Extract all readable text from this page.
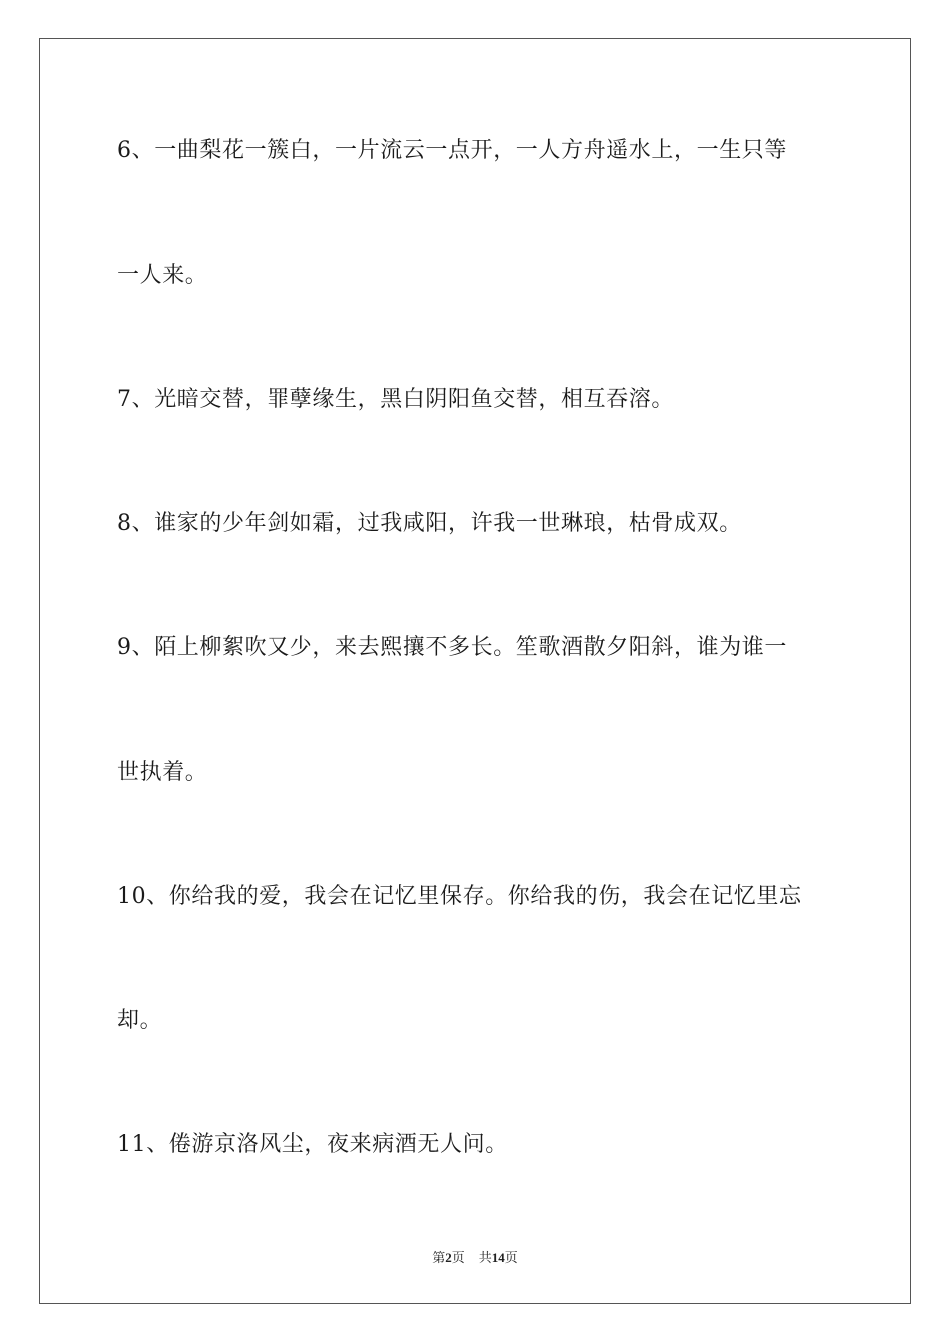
6、一曲梨花一簇白，一片流云一点开，一人方舟遥水上，一生只等

一人来。

7、光暗交替，罪孽缘生，黑白阴阳鱼交替，相互吞溶。

8、谁家的少年剑如霜，过我咸阳，许我一世琳琅，枯骨成双。

9、陌上柳絮吹又少，来去熙攘不多长。笙歌酒散夕阳斜，谁为谁一

世执着。

10、你给我的爱，我会在记忆里保存。你给我的伤，我会在记忆里忘

却。

11、倦游京洛风尘，夜来病酒无人问。

第2页 共14页
